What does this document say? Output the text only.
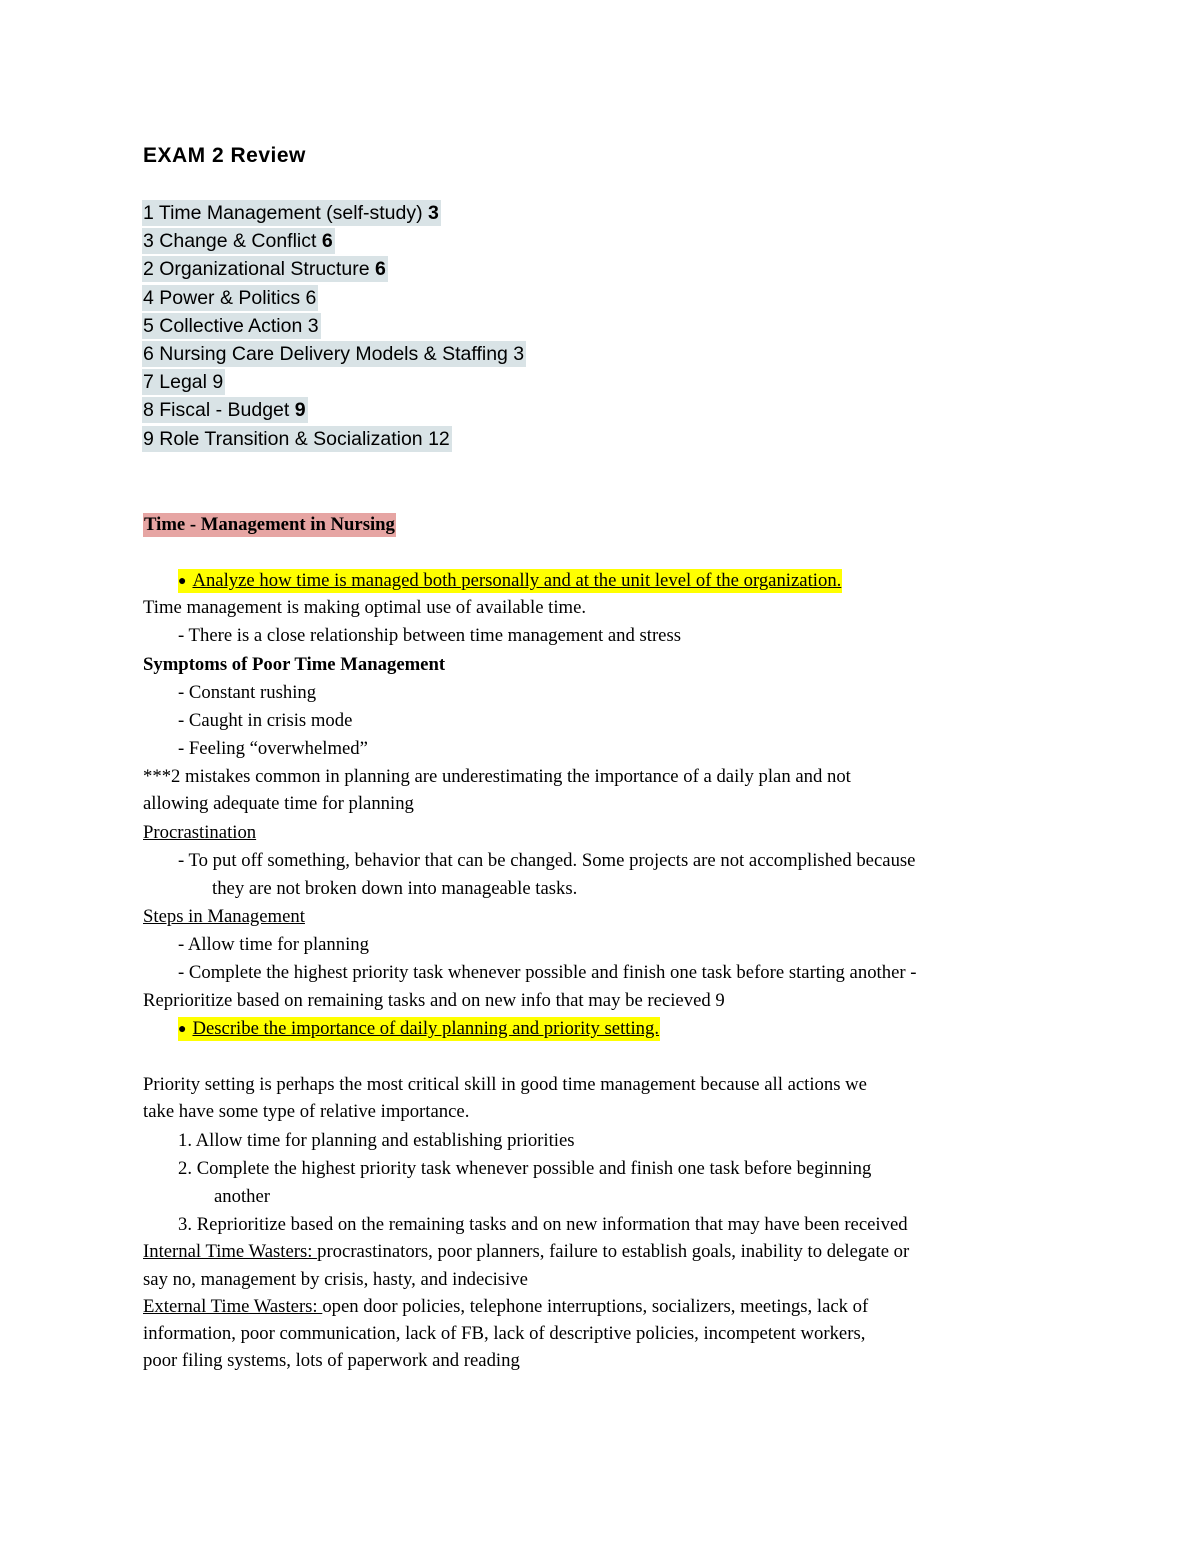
EXAM 2 Review
1 Time Management (self-study) 3
3 Change & Conflict 6
2 Organizational Structure 6
4 Power & Politics 6
5 Collective Action 3
6 Nursing Care Delivery Models & Staffing 3
7 Legal 9
8 Fiscal - Budget 9
9 Role Transition & Socialization 12
Time - Management in Nursing
● Analyze how time is managed both personally and at the unit level of the organization.
Time management is making optimal use of available time.
- There is a close relationship between time management and stress
Symptoms of Poor Time Management
- Constant rushing
- Caught in crisis mode
- Feeling “overwhelmed”
***2 mistakes common in planning are underestimating the importance of a daily plan and not
allowing adequate time for planning
Procrastination
- To put off something, behavior that can be changed. Some projects are not accomplished because
they are not broken down into manageable tasks.
Steps in Management
- Allow time for planning
- Complete the highest priority task whenever possible and finish one task before starting another -
Reprioritize based on remaining tasks and on new info that may be recieved 9
● Describe the importance of daily planning and priority setting.
Priority setting is perhaps the most critical skill in good time management because all actions we
take have some type of relative importance.
1. Allow time for planning and establishing priorities
2. Complete the highest priority task whenever possible and finish one task before beginning
another
3. Reprioritize based on the remaining tasks and on new information that may have been received
Internal Time Wasters: procrastinators, poor planners, failure to establish goals, inability to delegate or
say no, management by crisis, hasty, and indecisive
External Time Wasters: open door policies, telephone interruptions, socializers, meetings, lack of
information, poor communication, lack of FB, lack of descriptive policies, incompetent workers,
poor filing systems, lots of paperwork and reading
